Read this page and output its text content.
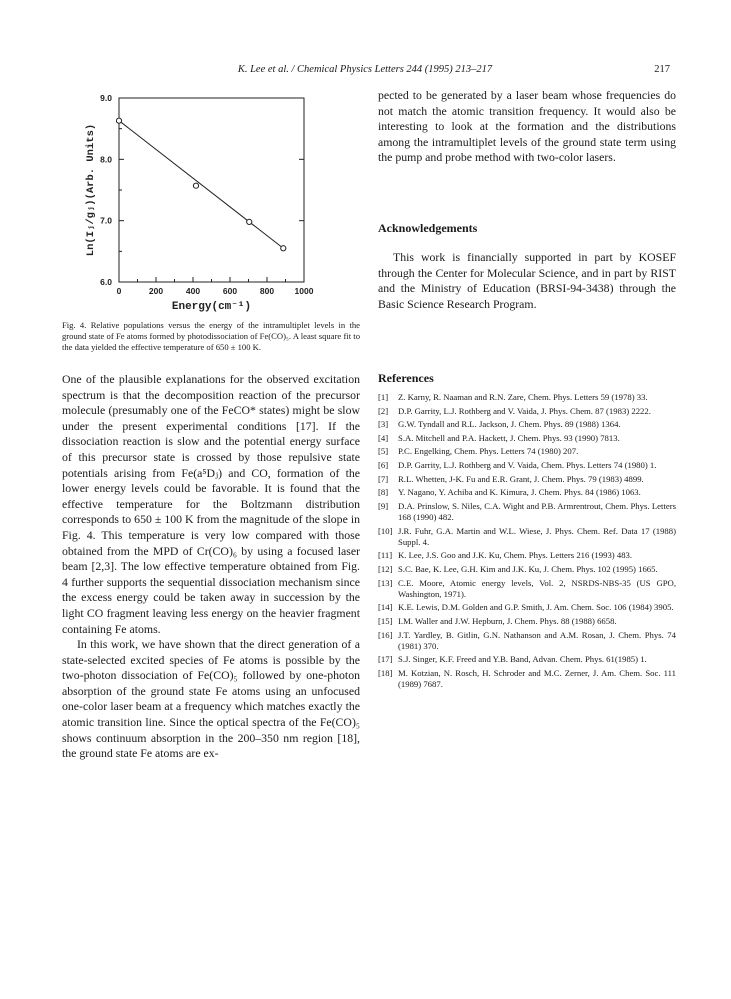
K. Lee et al. / Chemical Physics Letters 244 (1995) 213–217	217
Energy(cm⁻¹)
Ln(Iⱼ/gⱼ)(Arb. Units)
0	200	400	600	800 1000
6.0
7.0
8.0
9.0
Fig. 4. Relative populations versus the energy of the intramultiplet levels in the ground state of Fe atoms formed by photodissociation of Fe(CO)₅. A least square fit to the data yielded the effective temperature of 650 ± 100 K.

One of the plausible explanations for the observed excitation spectrum is that the decomposition reaction of the precursor molecule (presumably one of the FeCO* states) might be slow under the present experimental conditions [17]. If the dissociation reaction is slow and the potential energy surface of this precursor state is crossed by those repulsive state potentials arising from Fe(a⁵Dⱼ) and CO, formation of the lower energy levels could be favorable. It is found that the effective temperature for the Boltzmann distribution corresponds to 650 ± 100 K from the magnitude of the slope in Fig. 4. This temperature is very low compared with those obtained from the MPD of Cr(CO)₆ by using a focused laser beam [2,3]. The low effective temperature obtained from Fig. 4 further supports the sequential dissociation mechanism since the excess energy could be taken away in succession by the light CO fragment leaving less energy on the heavier fragment containing Fe atoms.

In this work, we have shown that the direct generation of a state-selected excited species of Fe atoms is possible by the two-photon dissociation of Fe(CO)₅ followed by one-photon absorption of the ground state Fe atoms using an unfocused one-color laser beam at a frequency which matches exactly the atomic transition line. Since the optical spectra of the Fe(CO)₅ shows continuum absorption in the 200–350 nm region [18], the ground state Fe atoms are ex-

pected to be generated by a laser beam whose frequencies do not match the atomic transition frequency. It would also be interesting to look at the formation and the distributions among the intramultiplet levels of the ground state term using the pump and probe method with two-color lasers.

Acknowledgements
This work is financially supported in part by KOSEF through the Center for Molecular Science, and in part by RIST and the Ministry of Education (BRSI-94-3438) through the Basic Science Research Program.
References
[1]	Z. Karny, R. Naaman and R.N. Zare, Chem. Phys. Letters 59 (1978) 33.
[2]	D.P. Garrity, L.J. Rothberg and V. Vaida, J. Phys. Chem. 87 (1983) 2222.
[3]	G.W. Tyndall and R.L. Jackson, J. Chem. Phys. 89 (1988) 1364.
[4]	S.A. Mitchell and P.A. Hackett, J. Chem. Phys. 93 (1990) 7813.
[5]	P.C. Engelking, Chem. Phys. Letters 74 (1980) 207.
[6]	D.P. Garrity, L.J. Rothberg and V. Vaida, Chem. Phys. Letters 74 (1980) 1.
[7]	R.L. Whetten, J-K. Fu and E.R. Grant, J. Chem. Phys. 79 (1983) 4899.
[8]	Y. Nagano, Y. Achiba and K. Kimura, J. Chem. Phys. 84 (1986) 1063.
[9]	D.A. Prinslow, S. Niles, C.A. Wight and P.B. Armrentrout, Chem. Phys. Letters 168 (1990) 482.
[10] J.R. Fuhr, G.A. Martin and W.L. Wiese, J. Phys. Chem. Ref. Data 17 (1988) Suppl. 4.
[11] K. Lee, J.S. Goo and J.K. Ku, Chem. Phys. Letters 216 (1993) 483.
[12] S.C. Bae, K. Lee, G.H. Kim and J.K. Ku, J. Chem. Phys. 102 (1995) 1665.
[13] C.E. Moore, Atomic energy levels, Vol. 2, NSRDS-NBS-35 (US GPO, Washington, 1971).
[14] K.E. Lewis, D.M. Golden and G.P. Smith, J. Am. Chem. Soc. 106 (1984) 3905.
[15] I.M. Waller and J.W. Hepburn, J. Chem. Phys. 88 (1988) 6658.
[16] J.T. Yardley, B. Gitlin, G.N. Nathanson and A.M. Rosan, J. Chem. Phys. 74 (1981) 370.
[17] S.J. Singer, K.F. Freed and Y.B. Band, Advan. Chem. Phys. 61(1985) 1.
[18] M. Kotzian, N. Rosch, H. Schroder and M.C. Zerner, J. Am. Chem. Soc. 111 (1989) 7687.
